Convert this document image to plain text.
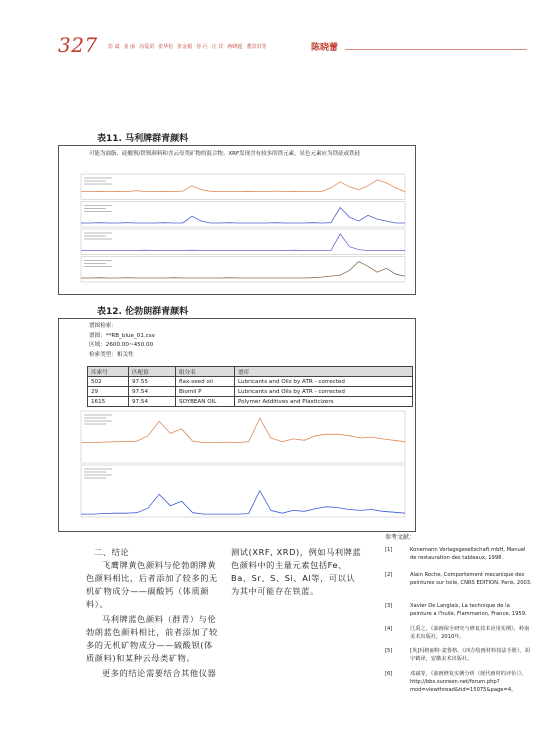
327 彭 斌 姜 丽 冯爱苗 张华松 张金根 谷 巨 汪 洋 蒋晓超 董景洪等	陈晓蕾
表11. 马利牌群青颜料
可能为油脂、硅酸钡/铁钡颜料和含云母类矿物的混合物。XRF发现含有较多的铁元素，显色元素应为铁硅或铁硅
表12. 伦勃朗群青颜料
谱图检索：
谱图：**RB_blue_01.csv
区域：2600.00~450.00
检索类型：相关性
库索号	匹配值	组分名	谱库
502	97.55	flax-seed oil	Lubricants and Oils by ATR - corrected
29	97.54	Biomil P	Lubricants and Oils by ATR - corrected
1615	97.54	SOYBEAN OIL	Polymer Additives and Plasticizers
二、结论
飞鹰牌黄色颜料与伦勃朗牌黄色颜料相比，后者添加了较多的无机矿物成分——碳酸钙（体质颜料）。
马利牌蓝色颜料（群青）与伦勃朗蓝色颜料相比，前者添加了较多的无机矿物成分——硫酸钡(体质颜料)和某种云母类矿物。
更多的结论需要结合其他仪器
测试(XRF, XRD)，例如马利牌蓝色颜料中的主量元素包括Fe、Ba、Sr、S、Si、Al等，可以认为其中可能存在铁蓝。
参考文献：
[1]	Konemann Verlagsgesellschaft mbH, Manuel de restauration des tableaux, 1998.
[2]	Alain Roche, Comportement mecanique des peintures sur toile, CNRS EDITION, Paris, 2003.
[3]	Xavier De Langlais, La technique de la peinture a l'huile, Flammarion, France, 1959.
[4]	江禹之，《油画保全研究与修复技术应用实例》，岭南美术出版社，2010年。
[5]	[英]玛格丽特·麦鲁格，《西方绘画材料技法手册》，胡宇鹤译，安徽美术出版社。
[6]	邓斌等，《油画修复实例分析（现代画材的评价）》，http://bbs.sunreen.net/forum.php?mod=viewthread&tid=15075&page=4。
